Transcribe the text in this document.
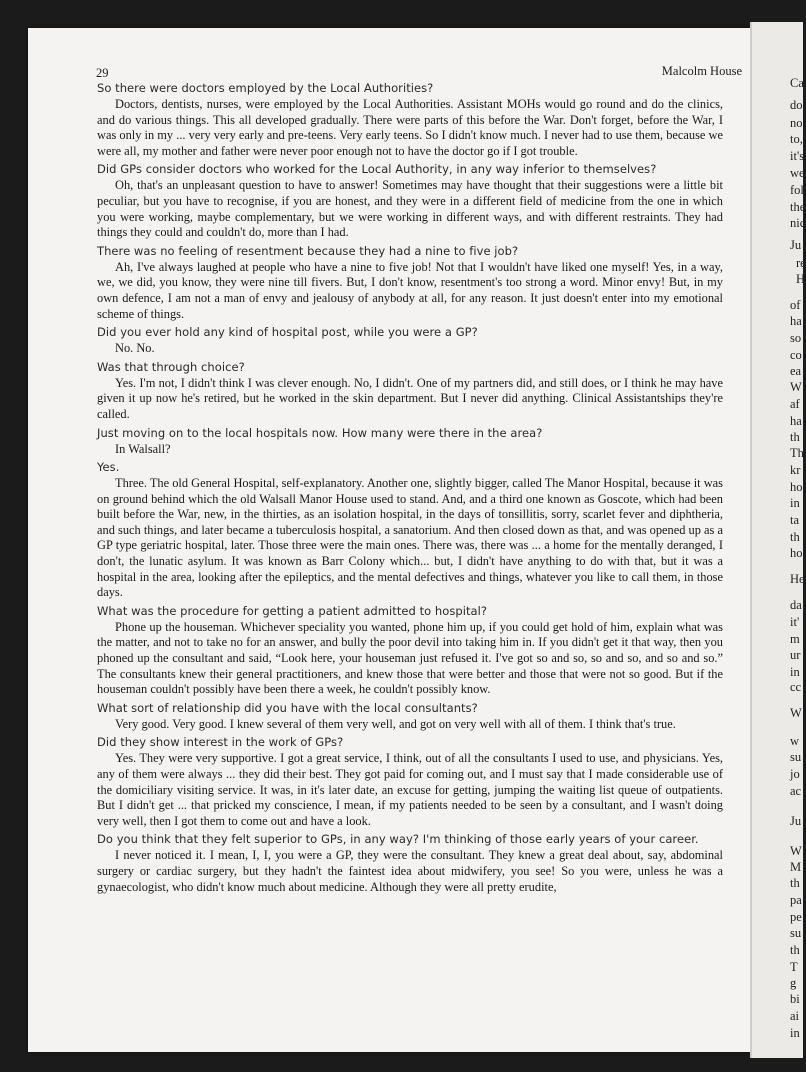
29	Malcolm House

So there were doctors employed by the Local Authorities?

Doctors, dentists, nurses, were employed by the Local Authorities. Assistant MOHs would go round and do the clinics, and do various things. This all developed gradually. There were parts of this before the War. Don't forget, before the War, I was only in my ... very very early and pre-teens. Very early teens. So I didn't know much. I never had to use them, because we were all, my mother and father were never poor enough not to have the doctor go if I got trouble.

Did GPs consider doctors who worked for the Local Authority, in any way inferior to themselves?

Oh, that's an unpleasant question to have to answer! Sometimes may have thought that their suggestions were a little bit peculiar, but you have to recognise, if you are honest, and they were in a different field of medicine from the one in which you were working, maybe complementary, but we were working in different ways, and with different restraints. They had things they could and couldn't do, more than I had.

There was no feeling of resentment because they had a nine to five job?

Ah, I've always laughed at people who have a nine to five job! Not that I wouldn't have liked one myself! Yes, in a way, we, we did, you know, they were nine till fivers. But, I don't know, resentment's too strong a word. Minor envy! But, in my own defence, I am not a man of envy and jealousy of anybody at all, for any reason. It just doesn't enter into my emotional scheme of things.

Did you ever hold any kind of hospital post, while you were a GP?

No. No.

Was that through choice?

Yes. I'm not, I didn't think I was clever enough. No, I didn't. One of my partners did, and still does, or I think he may have given it up now he's retired, but he worked in the skin department. But I never did anything. Clinical Assistantships they're called.

Just moving on to the local hospitals now. How many were there in the area?

In Walsall?

Yes.

Three. The old General Hospital, self-explanatory. Another one, slightly bigger, called The Manor Hospital, because it was on ground behind which the old Walsall Manor House used to stand. And, and a third one known as Goscote, which had been built before the War, new, in the thirties, as an isolation hospital, in the days of tonsillitis, sorry, scarlet fever and diphtheria, and such things, and later became a tuberculosis hospital, a sanatorium. And then closed down as that, and was opened up as a GP type geriatric hospital, later. Those three were the main ones. There was, there was ... a home for the mentally deranged, I don't, the lunatic asylum. It was known as Barr Colony which... but, I didn't have anything to do with that, but it was a hospital in the area, looking after the epileptics, and the mental defectives and things, whatever you like to call them, in those days.

What was the procedure for getting a patient admitted to hospital?

Phone up the houseman. Whichever speciality you wanted, phone him up, if you could get hold of him, explain what was the matter, and not to take no for an answer, and bully the poor devil into taking him in. If you didn't get it that way, then you phoned up the consultant and said, “Look here, your houseman just refused it. I've got so and so, so and so, and so and so.” The consultants knew their general practitioners, and knew those that were better and those that were not so good. But if the houseman couldn't possibly have been there a week, he couldn't possibly know.

What sort of relationship did you have with the local consultants?

Very good. Very good. I knew several of them very well, and got on very well with all of them. I think that's true.

Did they show interest in the work of GPs?

Yes. They were very supportive. I got a great service, I think, out of all the consultants I used to use, and physicians. Yes, any of them were always ... they did their best. They got paid for coming out, and I must say that I made considerable use of the domiciliary visiting service. It was, in it's later date, an excuse for getting, jumping the waiting list queue of outpatients. But I didn't get ... that pricked my conscience, I mean, if my patients needed to be seen by a consultant, and I wasn't doing very well, then I got them to come out and have a look.

Do you think that they felt superior to GPs, in any way? I'm thinking of those early years of your career.

I never noticed it. I mean, I, I, you were a GP, they were the consultant. They knew a great deal about, say, abdominal surgery or cardiac surgery, but they hadn't the faintest idea about midwifery, you see! So you were, unless he was a gynaecologist, who didn't know much about medicine. Although they were all pretty erudite,

Ca
do
no
to,
it's
we
fol
the
nic
Ju
re
H
of
ha
so
co
ea
W
af
ha
th
Th
kr
ho
in
ta
th
ho
He
da
it'
m
ur
in
cc
W
w
su
jo
ac
Ju
W
M
th
pa
pe
su
th
T
g
bi
ai
in
